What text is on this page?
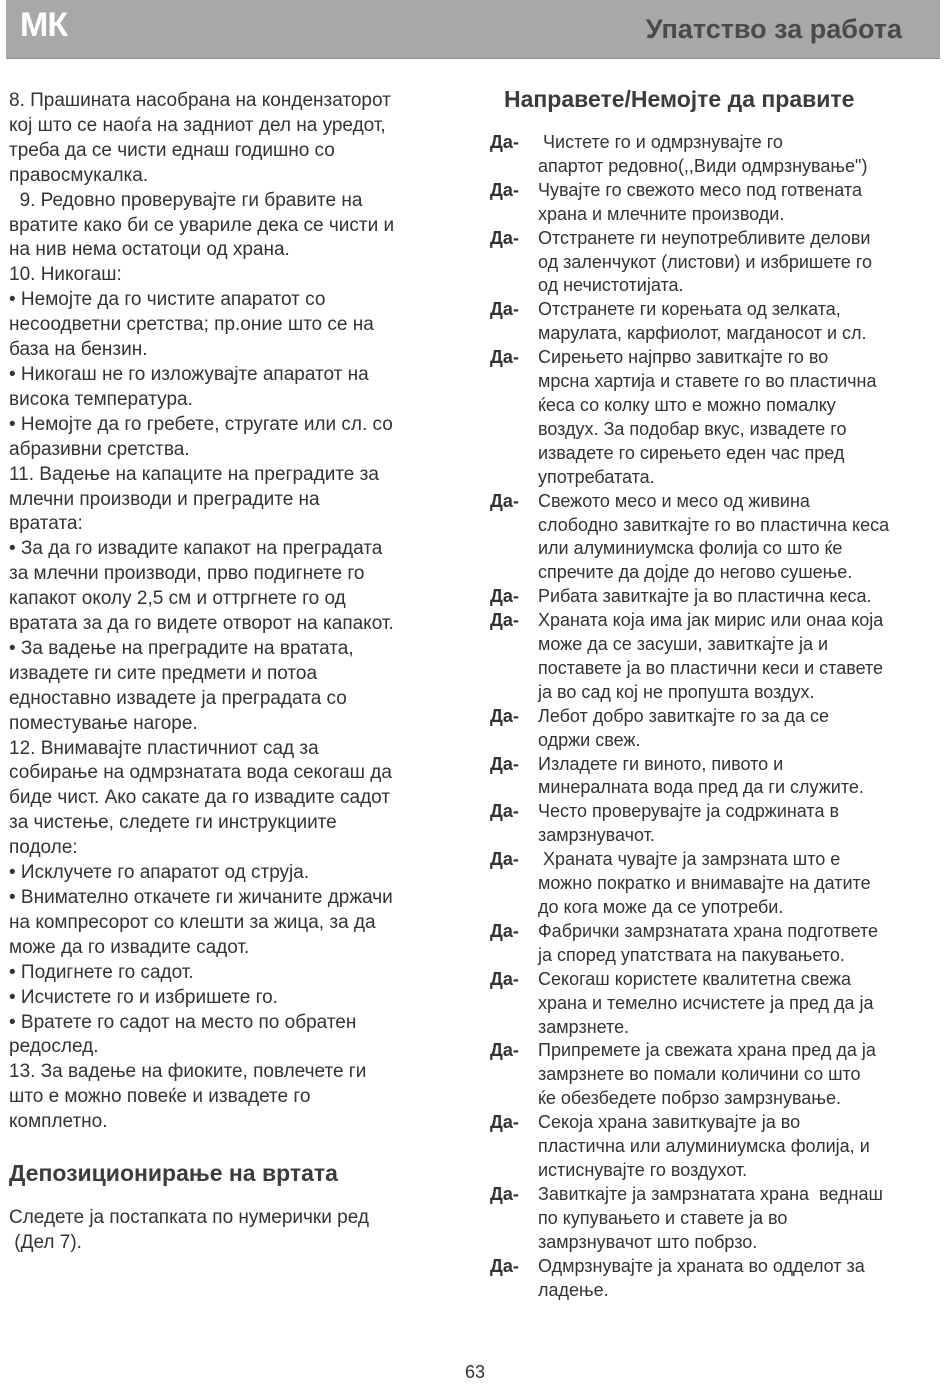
МК	Упатство за работа
8. Прашината насобрана на кондензаторот
кој што се наоѓа на задниот дел на уредот,
треба да се чисти еднаш годишно со
правосмукалка.
9. Редовно проверувајте ги бравите на
вратите како би се увариле дека се чисти и
на нив нема остатоци од храна.
10. Никогаш:
• Немојте да го чистите апаратот со
несоодветни сретства; пр.оние што се на
база на бензин.
• Никогаш не го изложувајте апаратот на
висока температура.
• Немојте да го гребете, стругате или сл. со
абразивни сретства.
11. Вадење на капаците на преградите за
млечни производи и преградите на
вратата:
• За да го извадите капакот на преградата
за млечни производи, прво подигнете го
капакот околу 2,5 см и оттргнете го од
вратата за да го видете отворот на капакот.
• За вадење на преградите на вратата,
извадете ги сите предмети и потоа
едноставно извадете ја преградата со
поместување нагоре.
12. Внимавајте пластичниот сад за
собирање на одмрзнатата вода секогаш да
биде чист. Ако сакате да го извадите садот
за чистење, следете ги инструкциите
подоле:
• Исклучете го апаратот од струја.
• Внимателно откачете ги жичаните држачи
на компресорот со клешти за жица, за да
може да го извадите садот.
• Подигнете го садот.
• Исчистете го и избришете го.
• Вратете го садот на место по обратен
редослед.
13. За вадење на фиоките, повлечете ги
што е можно повеќе и извадете го
комплетно.
Депозиционирање на вртата
Следете ја постапката по нумерички ред
(Дел 7).
Направете/Немојте да правите
Да-	Чистете го и одмрзнувајте го
апартот редовно(,,Види одмрзнување")
Да-	Чувајте го свежото месо под готвената
храна и млечните производи.
Да-	Отстранете ги неупотребливите делови
од заленчукот (листови) и избришете го
од нечистотијата.
Да-	Отстранете ги корењата од зелката,
марулата, карфиолот, магданосот и сл.
Да-	Сирењето најпрво завиткајте го во
мрсна хартија и ставете го во пластична
ќеса со колку што е можно помалку
воздух. За подобар вкус, извадете го
извадете го сирењето еден час пред
употребатата.
Да-	Свежото месо и месо од живина
слободно завиткајте го во пластична кеса
или алуминиумска фолија со што ќе
спречите да дојде до негово сушење.
Да-	Рибата завиткајте ја во пластична кеса.
Да-	Храната која има јак мирис или онаа која
може да се засуши, завиткајте ја и
поставете ја во пластични кеси и ставете
ја во сад кој не пропушта воздух.
Да-	Лебот добро завиткајте го за да се
одржи свеж.
Да-	Изладете ги виното, пивото и
минералната вода пред да ги служите.
Да-	Често проверувајте ја содржината в
замрзнувачот.
Да-	Храната чувајте ја замрзната што е
можно пократко и внимавајте на датите
до кога може да се употреби.
Да-	Фабрички замрзнатата храна подгответе
ја според упатствата на пакувањето.
Да-	Секогаш користете квалитетна свежа
храна и темелно исчистете ја пред да ја
замрзнете.
Да-	Припремете ја свежата храна пред да ја
замрзнете во помали количини со што
ќе обезбедете побрзо замрзнување.
Да-	Секоја храна завиткувајте ја во
пластична или алуминиумска фолија, и
истиснувајте го воздухот.
Да-	Завиткајте ја замрзнатата храна  веднаш
по купувањето и ставете ја во
замрзнувачот што побрзо.
Да-	Одмрзнувајте ја храната во одделот за
ладење.
63
